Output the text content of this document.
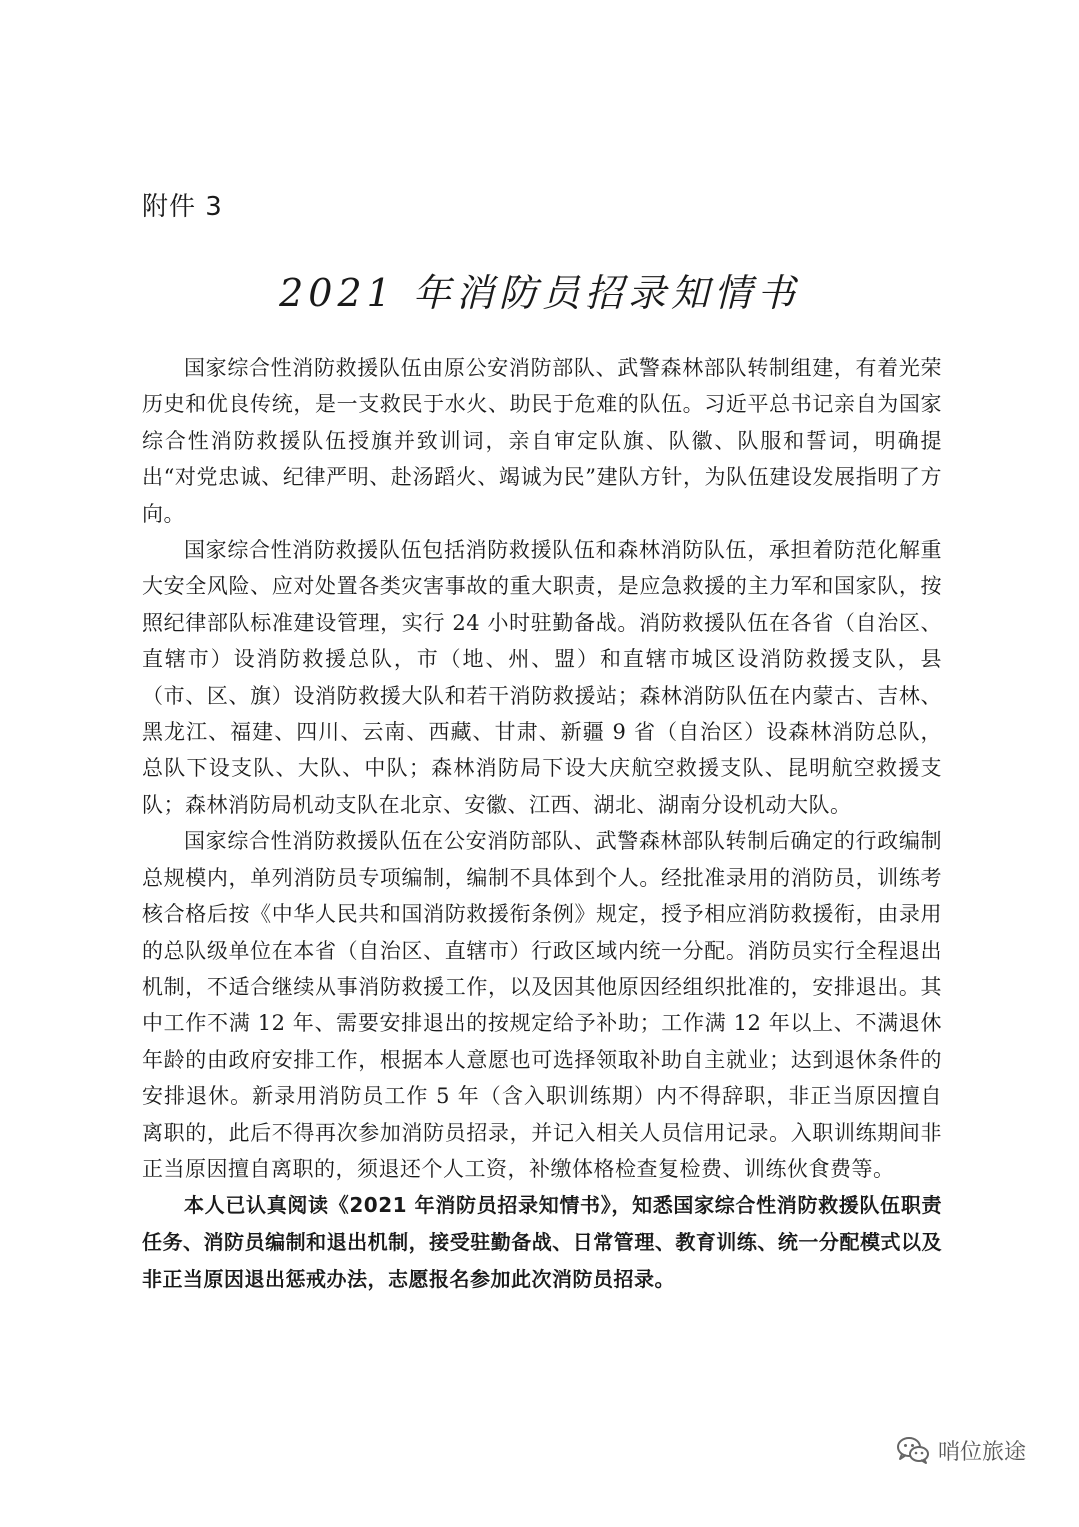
附件 3
2021 年消防员招录知情书

国家综合性消防救援队伍由原公安消防部队、武警森林部队转制组建，有着光荣历史和优良传统，是一支救民于水火、助民于危难的队伍。习近平总书记亲自为国家综合性消防救援队伍授旗并致训词，亲自审定队旗、队徽、队服和誓词，明确提出“对党忠诚、纪律严明、赴汤蹈火、竭诚为民”建队方针，为队伍建设发展指明了方向。

国家综合性消防救援队伍包括消防救援队伍和森林消防队伍，承担着防范化解重大安全风险、应对处置各类灾害事故的重大职责，是应急救援的主力军和国家队，按照纪律部队标准建设管理，实行 24 小时驻勤备战。消防救援队伍在各省（自治区、直辖市）设消防救援总队，市（地、州、盟）和直辖市城区设消防救援支队，县（市、区、旗）设消防救援大队和若干消防救援站；森林消防队伍在内蒙古、吉林、黑龙江、福建、四川、云南、西藏、甘肃、新疆 9 省（自治区）设森林消防总队，总队下设支队、大队、中队；森林消防局下设大庆航空救援支队、昆明航空救援支队；森林消防局机动支队在北京、安徽、江西、湖北、湖南分设机动大队。

国家综合性消防救援队伍在公安消防部队、武警森林部队转制后确定的行政编制总规模内，单列消防员专项编制，编制不具体到个人。经批准录用的消防员，训练考核合格后按《中华人民共和国消防救援衔条例》规定，授予相应消防救援衔，由录用的总队级单位在本省（自治区、直辖市）行政区域内统一分配。消防员实行全程退出机制，不适合继续从事消防救援工作，以及因其他原因经组织批准的，安排退出。其中工作不满 12 年、需要安排退出的按规定给予补助；工作满 12 年以上、不满退休年龄的由政府安排工作，根据本人意愿也可选择领取补助自主就业；达到退休条件的安排退休。新录用消防员工作 5 年（含入职训练期）内不得辞职，非正当原因擅自离职的，此后不得再次参加消防员招录，并记入相关人员信用记录。入职训练期间非正当原因擅自离职的，须退还个人工资，补缴体格检查复检费、训练伙食费等。

本人已认真阅读《2021 年消防员招录知情书》，知悉国家综合性消防救援队伍职责任务、消防员编制和退出机制，接受驻勤备战、日常管理、教育训练、统一分配模式以及非正当原因退出惩戒办法，志愿报名参加此次消防员招录。

哨位旅途
